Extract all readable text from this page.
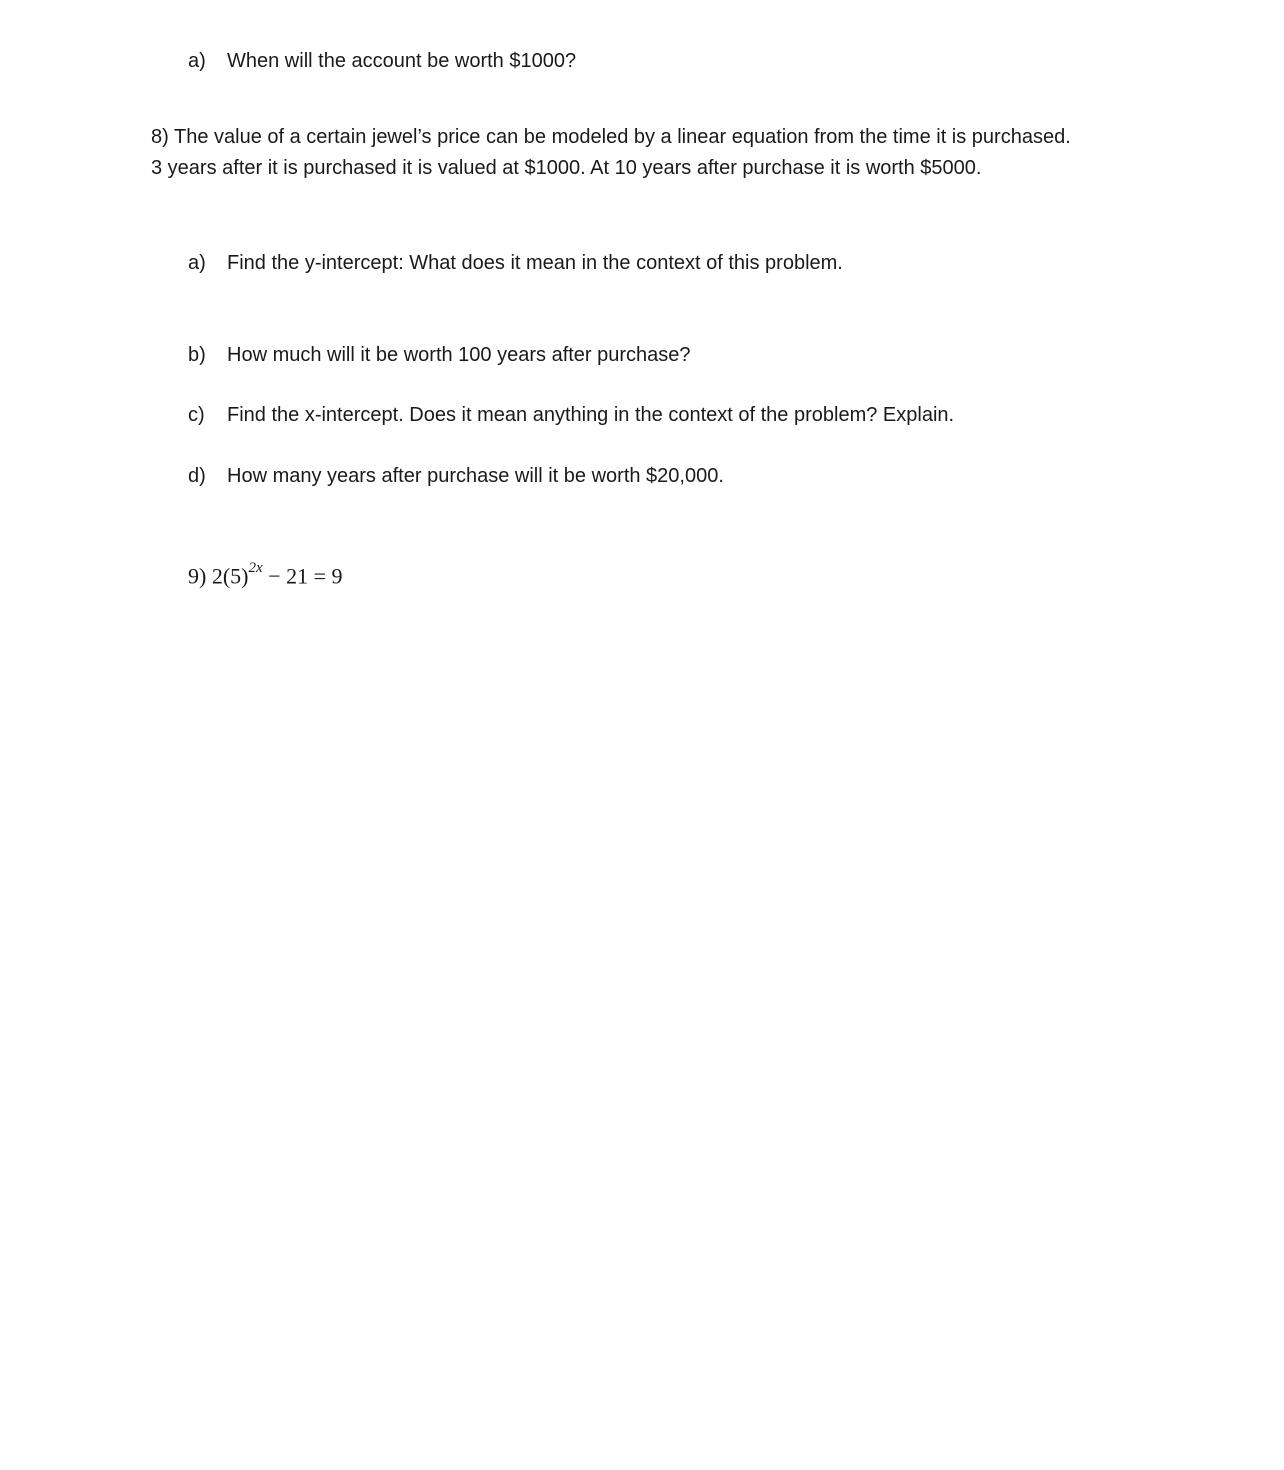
a) When will the account be worth $1000?
8) The value of a certain jewel’s price can be modeled by a linear equation from the time it is purchased.
3 years after it is purchased it is valued at $1000. At 10 years after purchase it is worth $5000.
a) Find the y-intercept: What does it mean in the context of this problem.
b) How much will it be worth 100 years after purchase?
c) Find the x-intercept. Does it mean anything in the context of the problem? Explain.
d) How many years after purchase will it be worth $20,000.
9) $2(5)^{2x} - 21 = 9$
